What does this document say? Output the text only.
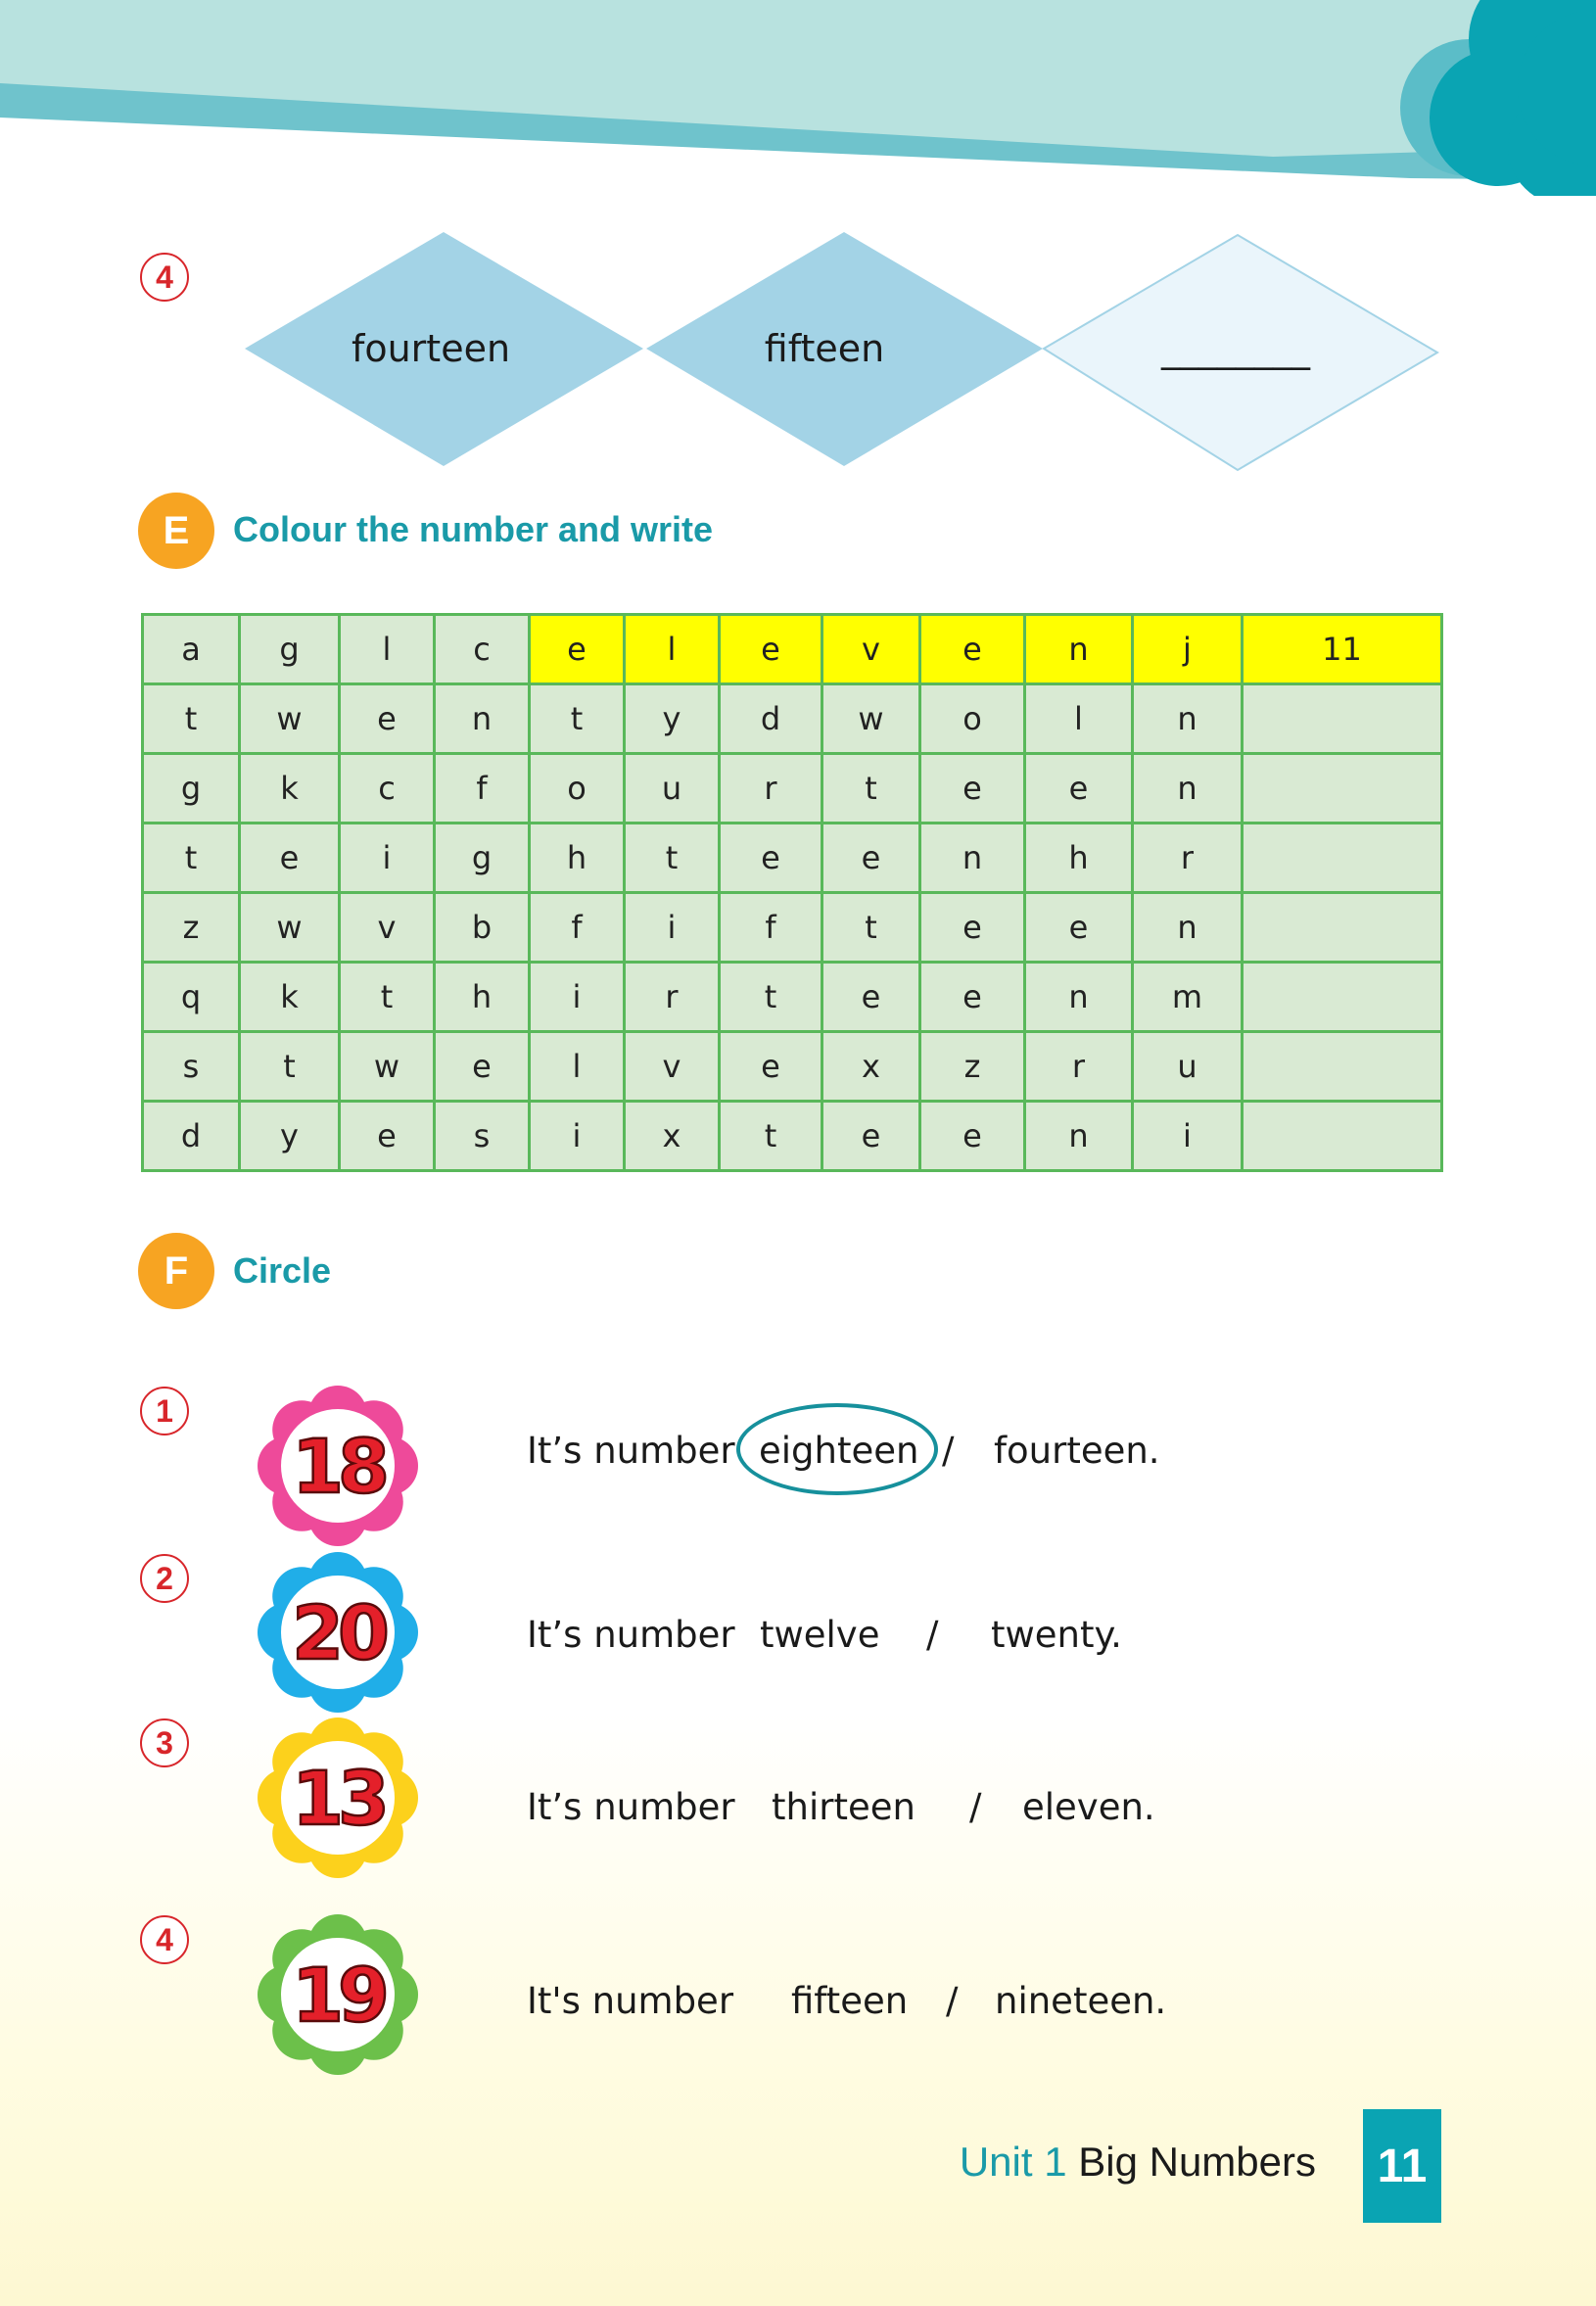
4
fourteen	fifteen	________
E	Colour the number and write
a	g	l	c	e	l	e	v	e	n	j	11
t	w	e	n	t	y	d	w	o	l	n	
g	k	c	f	o	u	r	t	e	e	n	
t	e	i	g	h	t	e	e	n	h	r	
z	w	v	b	f	i	f	t	e	e	n	
q	k	t	h	i	r	t	e	e	n	m	
s	t	w	e	l	v	e	x	z	r	u	
d	y	e	s	i	x	t	e	e	n	i	
F	Circle
1
18	It’s number eighteen / fourteen.
2
20	It’s number twelve / twenty.
3
13	It’s number thirteen / eleven.
4
19	It's number fifteen / nineteen.
Unit 1 Big Numbers	11
